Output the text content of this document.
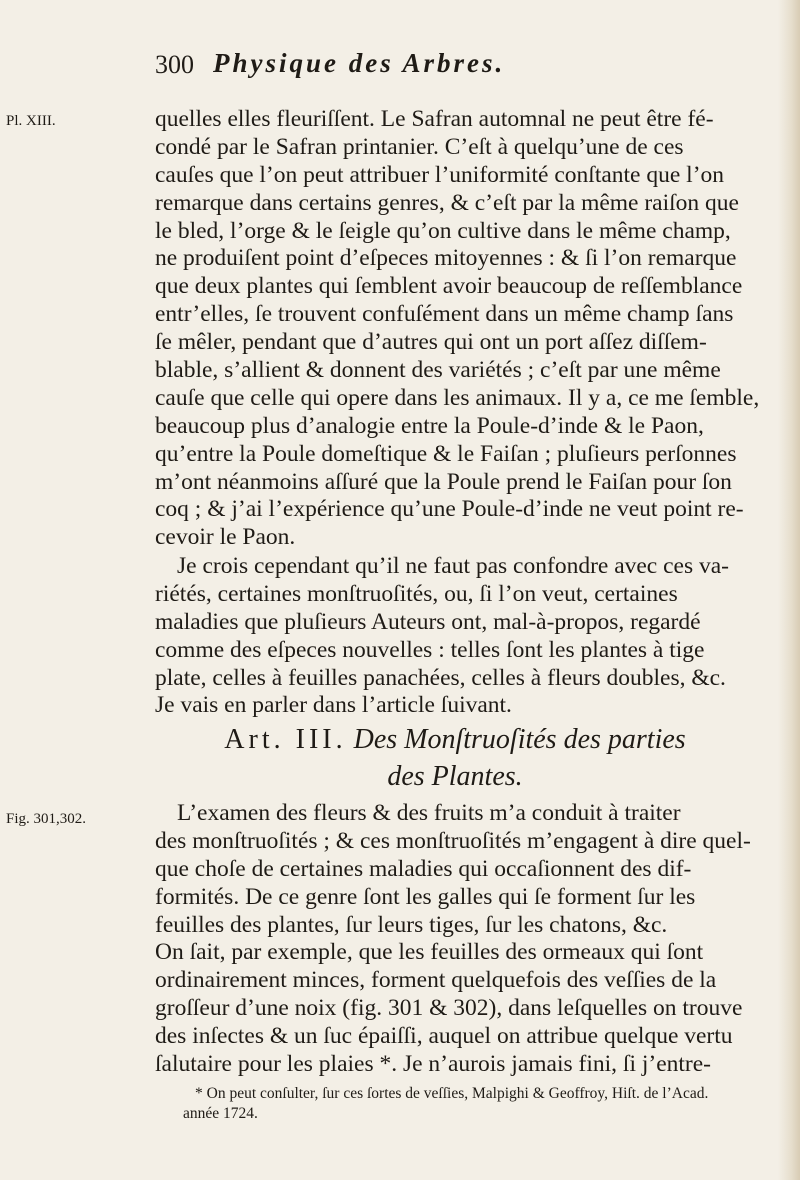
300 Physique des Arbres.
Pl. XIII.
Fig. 301,302.
quelles elles fleuriſſent. Le Safran automnal ne peut être fé-
condé par le Safran printanier. C’eſt à quelqu’une de ces
cauſes que l’on peut attribuer l’uniformité conſtante que l’on
remarque dans certains genres, & c’eſt par la même raiſon que
le bled, l’orge & le ſeigle qu’on cultive dans le même champ,
ne produiſent point d’eſpeces mitoyennes : & ſi l’on remarque
que deux plantes qui ſemblent avoir beaucoup de reſſemblance
entr’elles, ſe trouvent confuſément dans un même champ ſans
ſe mêler, pendant que d’autres qui ont un port aſſez diſſem-
blable, s’allient & donnent des variétés ; c’eſt par une même
cauſe que celle qui opere dans les animaux. Il y a, ce me ſemble,
beaucoup plus d’analogie entre la Poule-d’inde & le Paon,
qu’entre la Poule domeſtique & le Faiſan ; pluſieurs perſonnes
m’ont néanmoins aſſuré que la Poule prend le Faiſan pour ſon
coq ; & j’ai l’expérience qu’une Poule-d’inde ne veut point re-
cevoir le Paon.
Je crois cependant qu’il ne faut pas confondre avec ces va-
riétés, certaines monſtruoſités, ou, ſi l’on veut, certaines
maladies que pluſieurs Auteurs ont, mal-à-propos, regardé
comme des eſpeces nouvelles : telles ſont les plantes à tige
plate, celles à feuilles panachées, celles à fleurs doubles, &c.
Je vais en parler dans l’article ſuivant.
Art. III. Des Monſtruoſités des parties
des Plantes.
L’examen des fleurs & des fruits m’a conduit à traiter
des monſtruoſités ; & ces monſtruoſités m’engagent à dire quel-
que choſe de certaines maladies qui occaſionnent des dif-
formités. De ce genre ſont les galles qui ſe forment ſur les
feuilles des plantes, ſur leurs tiges, ſur les chatons, &c.
On ſait, par exemple, que les feuilles des ormeaux qui ſont
ordinairement minces, forment quelquefois des veſſies de la
groſſeur d’une noix (fig. 301 & 302), dans leſquelles on trouve
des inſectes & un ſuc épaiſſi, auquel on attribue quelque vertu
ſalutaire pour les plaies *. Je n’aurois jamais fini, ſi j’entre-
* On peut conſulter, ſur ces ſortes de veſſies, Malpighi & Geoffroy, Hiſt. de l’Acad.
année 1724.
